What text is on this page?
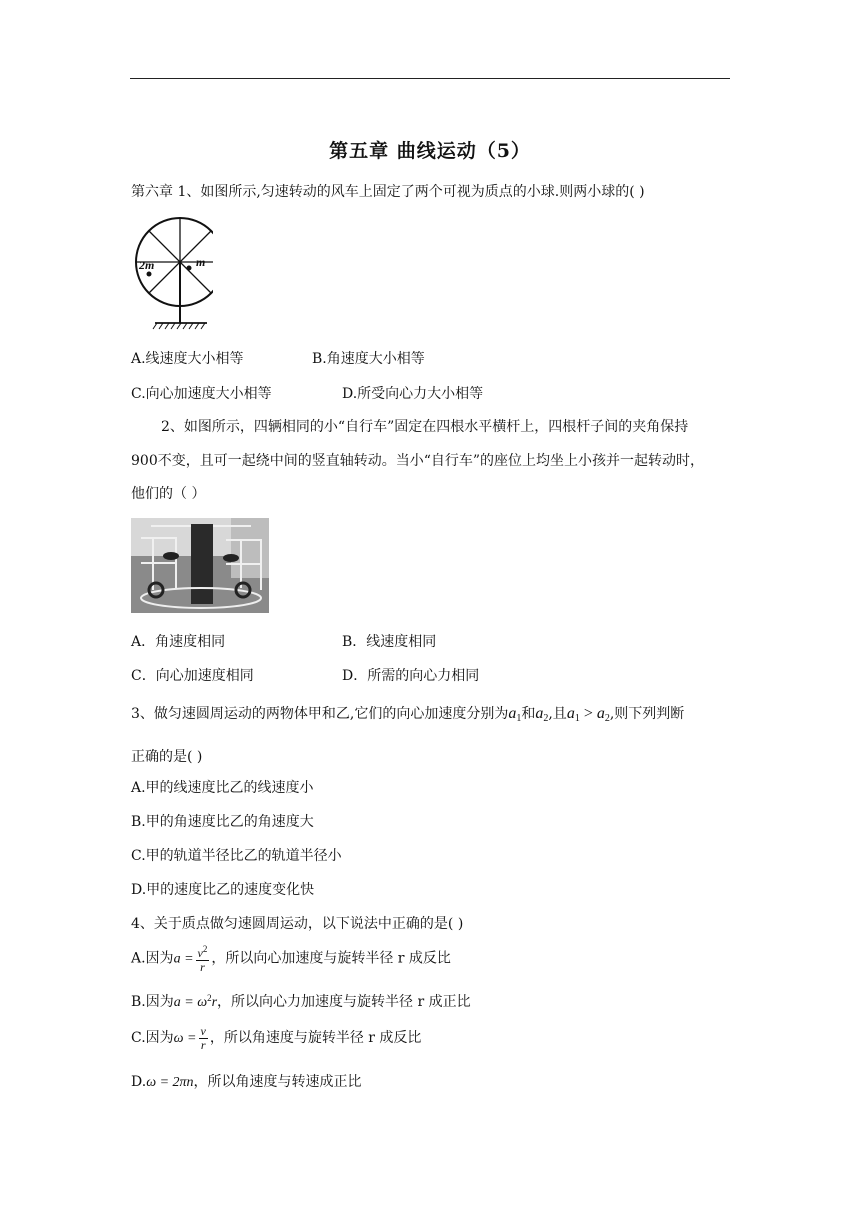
第五章 曲线运动（5）
第六章 1、如图所示,匀速转动的风车上固定了两个可视为质点的小球.则两小球的( )
2m	m
A.线速度大小相等	B.角速度大小相等
C.向心加速度大小相等	D.所受向心力大小相等
2、如图所示，四辆相同的小“自行车”固定在四根水平横杆上，四根杆子间的夹角保持
900不变，且可一起绕中间的竖直轴转动。当小“自行车”的座位上均坐上小孩并一起转动时，
他们的（ ）
A．角速度相同	B．线速度相同
C．向心加速度相同	D．所需的向心力相同
3、做匀速圆周运动的两物体甲和乙,它们的向心加速度分别为$a_1$和$a_2$,且$a_1 > a_2$,则下列判断
正确的是( )
A.甲的线速度比乙的线速度小
B.甲的角速度比乙的角速度大
C.甲的轨道半径比乙的轨道半径小
D.甲的速度比乙的速度变化快
4、关于质点做匀速圆周运动，以下说法中正确的是( )
A.因为$a = \frac{v^2}{r}$ ，所以向心加速度与旋转半径 r 成反比
B.因为$a = \omega^2r$，所以向心力加速度与旋转半径 r 成正比
C.因为$\omega = \frac{v}{r}$ ，所以角速度与旋转半径 r 成反比
D.ω = 2πn，所以角速度与转速成正比
